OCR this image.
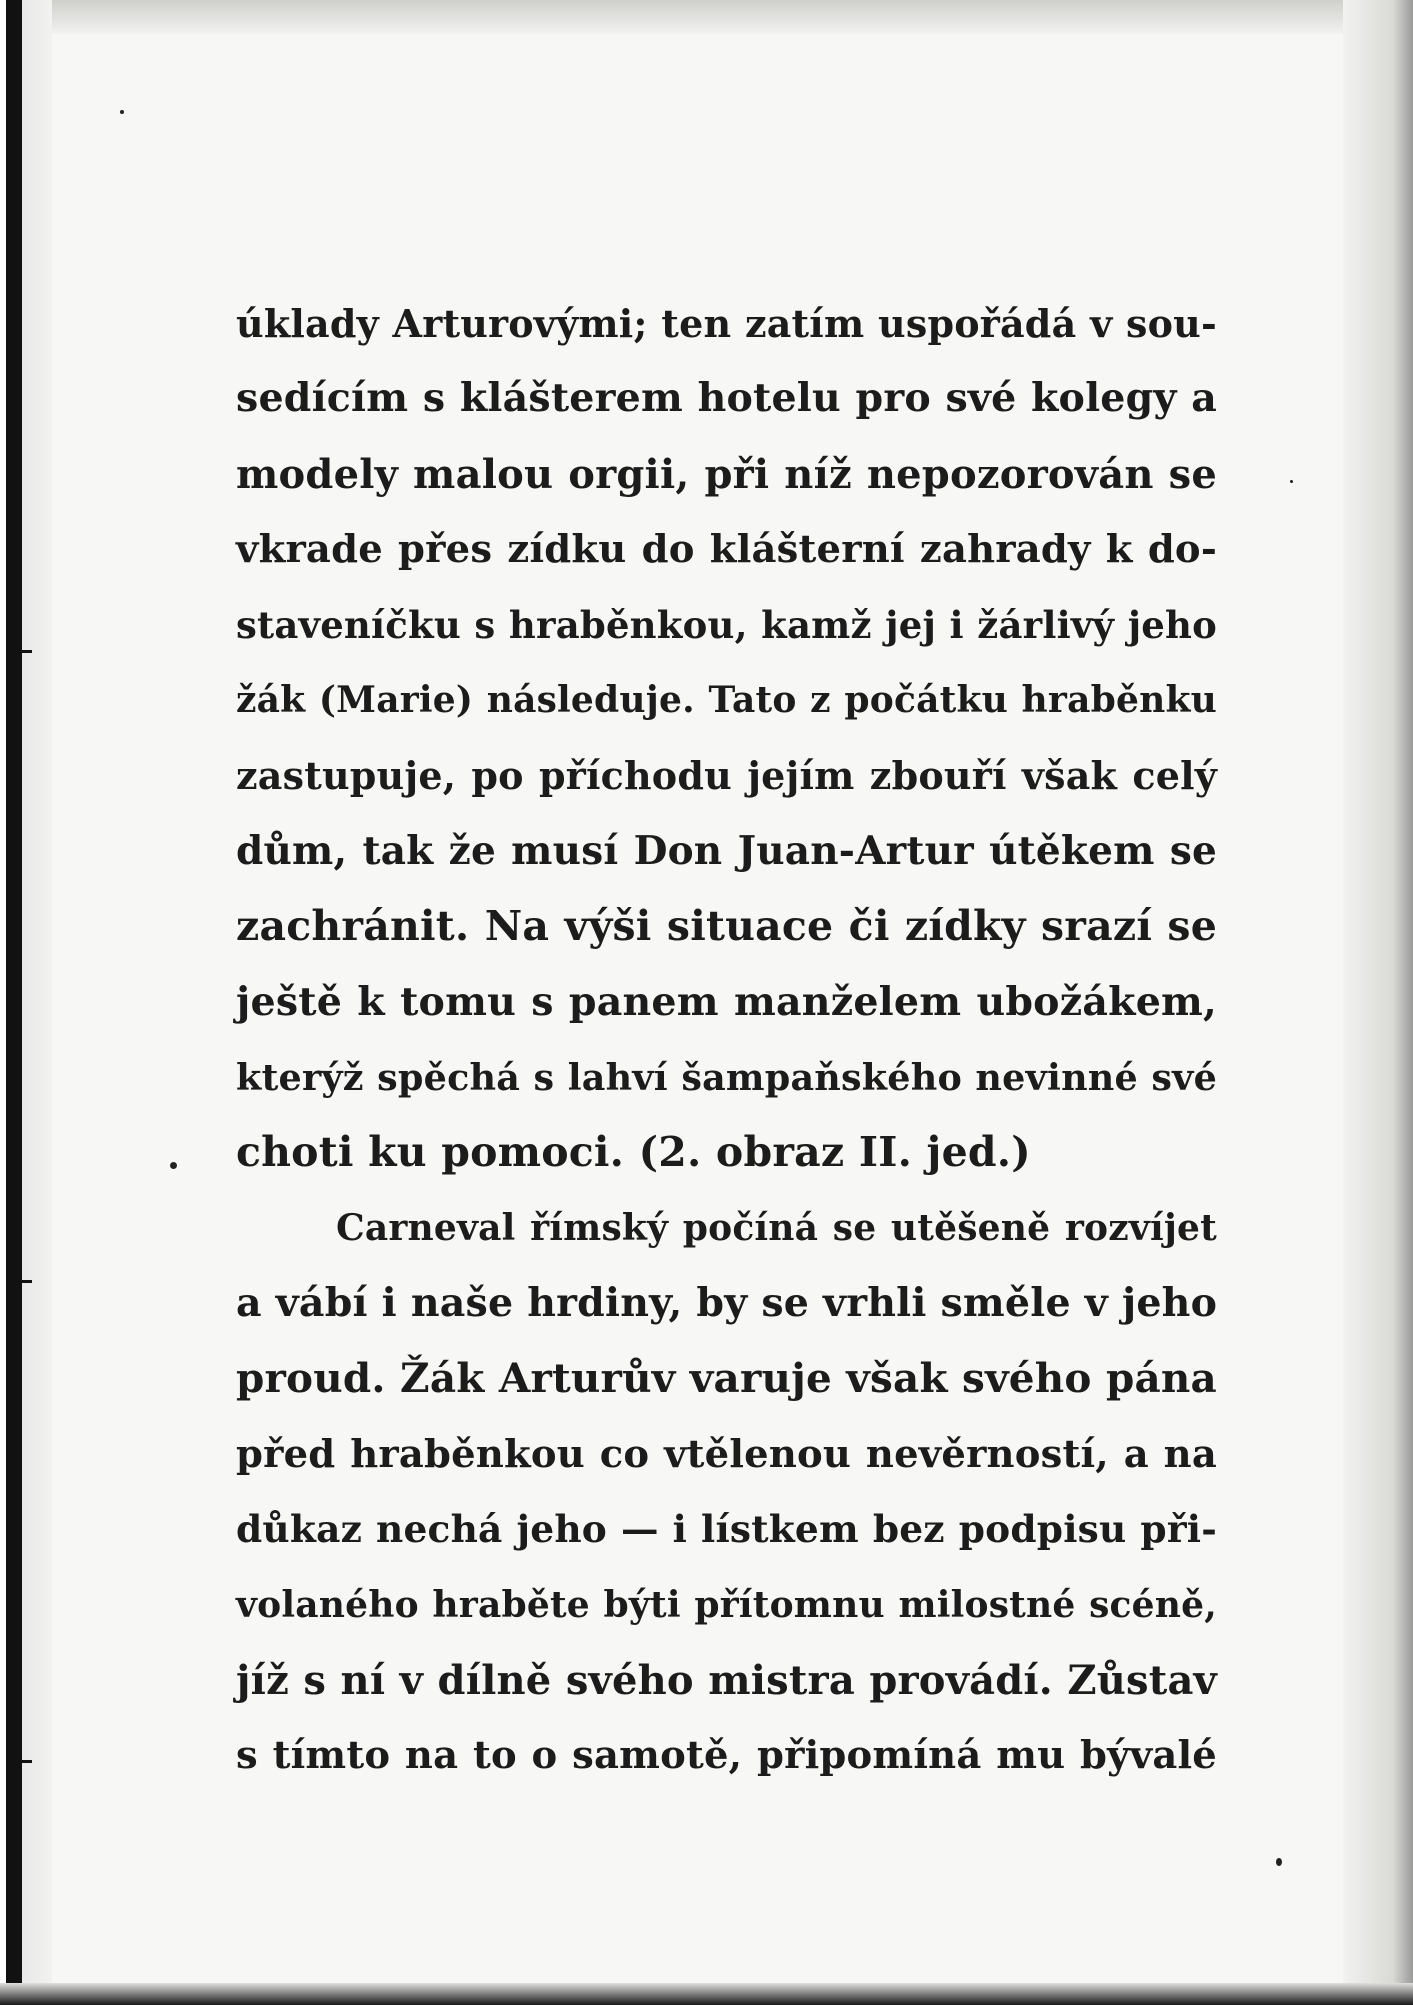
úklady Arturovými; ten zatím uspořádá v sou-
sedícím s klášterem hotelu pro své kolegy a
modely malou orgii, při níž nepozorován se
vkrade přes zídku do klášterní zahrady k do-
staveníčku s hraběnkou, kamž jej i žárlivý jeho
žák (Marie) následuje. Tato z počátku hraběnku
zastupuje, po příchodu jejím zbouří však celý
dům, tak že musí Don Juan-Artur útěkem se
zachránit. Na výši situace či zídky srazí se
ještě k tomu s panem manželem ubožákem,
kterýž spěchá s lahví šampaňského nevinné své
choti ku pomoci. (2. obraz II. jed.)
Carneval římský počíná se utěšeně rozvíjet
a vábí i naše hrdiny, by se vrhli směle v jeho
proud. Žák Arturův varuje však svého pána
před hraběnkou co vtělenou nevěrností, a na
důkaz nechá jeho — i lístkem bez podpisu při-
volaného hraběte býti přítomnu milostné scéně,
jíž s ní v dílně svého mistra provádí. Zůstav
s tímto na to o samotě, připomíná mu bývalé
